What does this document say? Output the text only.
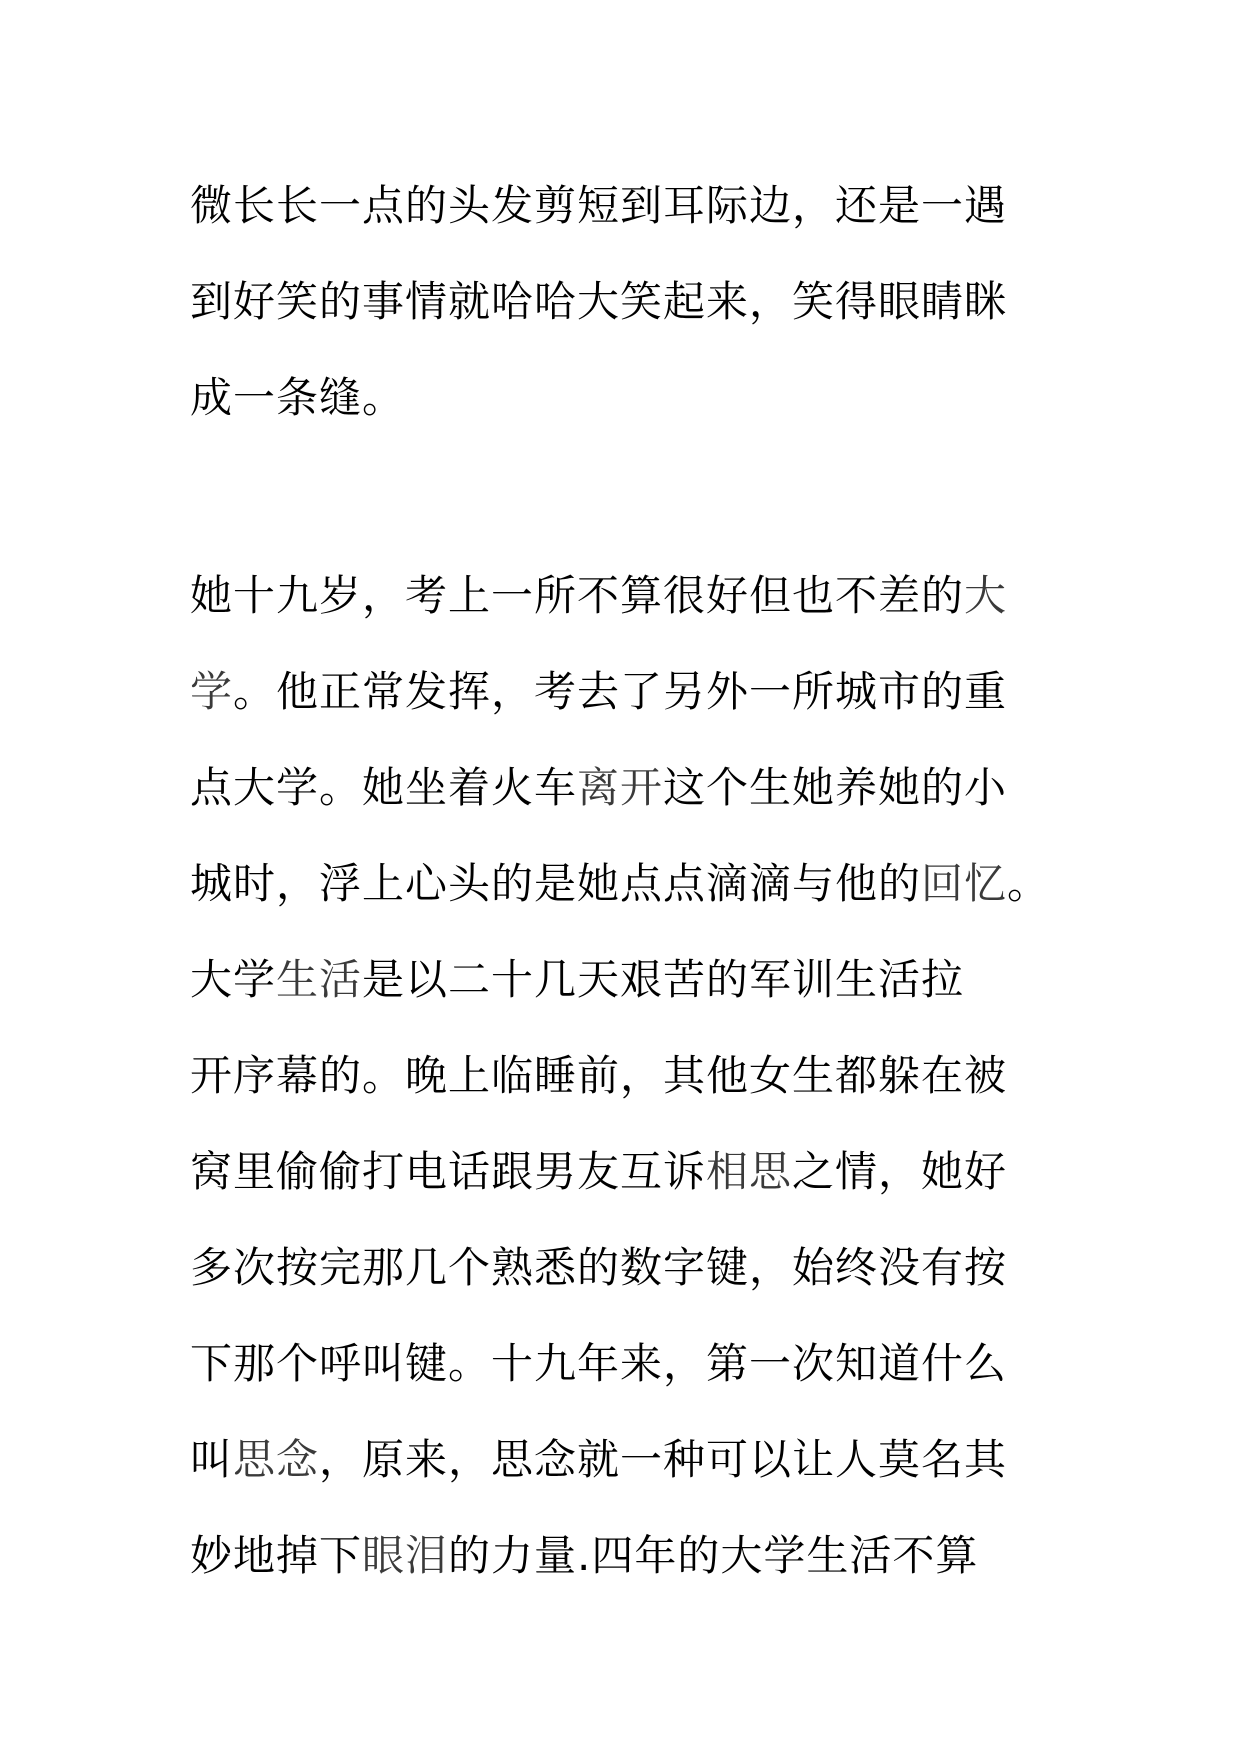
微长长一点的头发剪短到耳际边，还是一遇
到好笑的事情就哈哈大笑起来，笑得眼睛眯
成一条缝。
她十九岁，考上一所不算很好但也不差的大
学。他正常发挥，考去了另外一所城市的重
点大学。她坐着火车离开这个生她养她的小
城时，浮上心头的是她点点滴滴与他的回忆。
大学生活是以二十几天艰苦的军训生活拉
开序幕的。晚上临睡前，其他女生都躲在被
窝里偷偷打电话跟男友互诉相思之情，她好
多次按完那几个熟悉的数字键，始终没有按
下那个呼叫键。十九年来，第一次知道什么
叫思念，原来，思念就一种可以让人莫名其
妙地掉下眼泪的力量.四年的大学生活不算
